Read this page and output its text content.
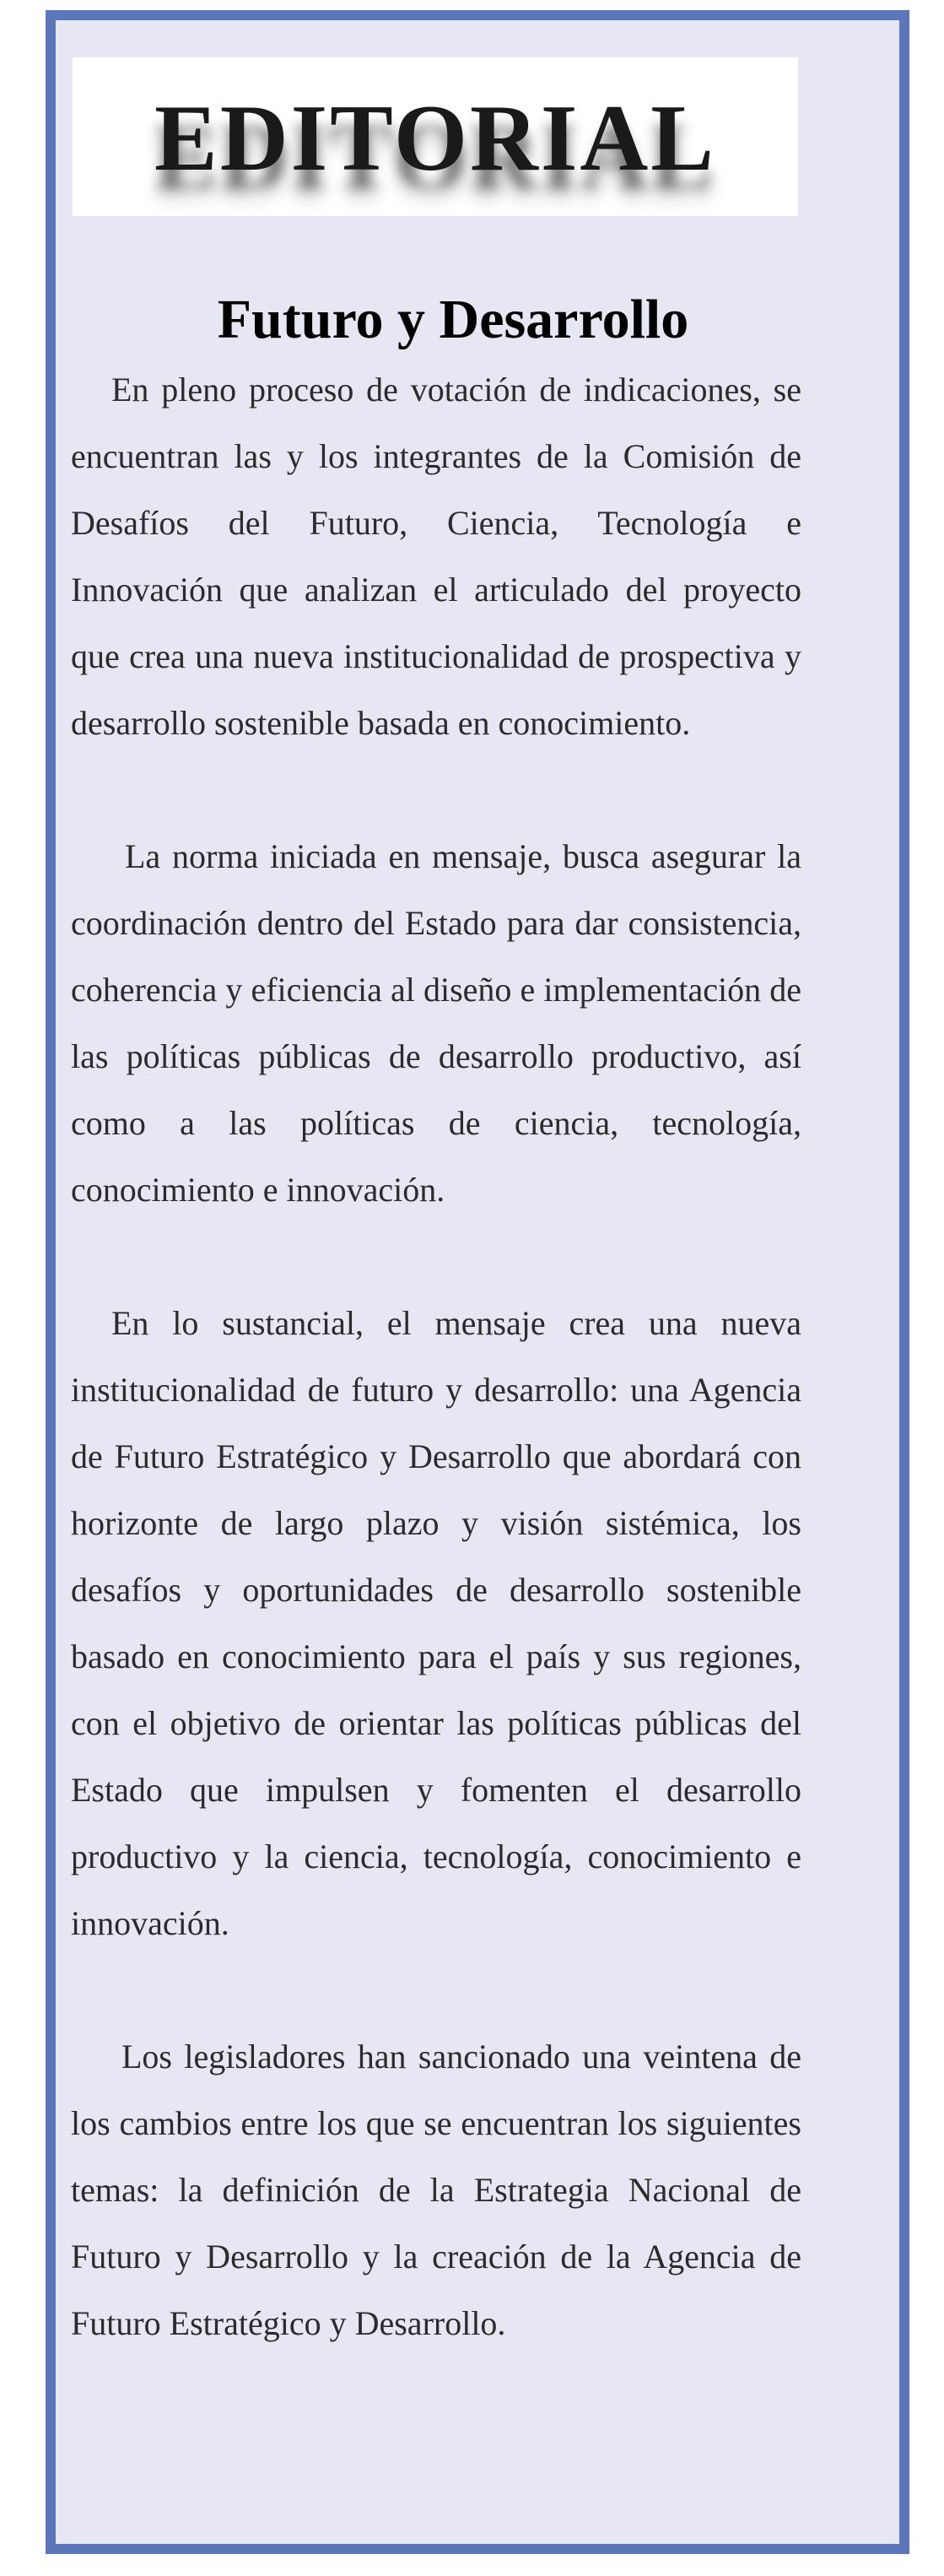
EDITORIAL
Futuro y Desarrollo

En pleno proceso de votación de indicaciones, se encuentran las y los integrantes de la Comisión de Desafíos del Futuro, Ciencia, Tecnología e Innovación que analizan el articulado del proyecto que crea una nueva institucionalidad de prospectiva y desarrollo sostenible basada en conocimiento.

La norma iniciada en mensaje, busca asegurar la coordinación dentro del Estado para dar consistencia, coherencia y eficiencia al diseño e implementación de las políticas públicas de desarrollo productivo, así como a las políticas de ciencia, tecnología, conocimiento e innovación.

En lo sustancial, el mensaje crea una nueva institucionalidad de futuro y desarrollo: una Agencia de Futuro Estratégico y Desarrollo que abordará con horizonte de largo plazo y visión sistémica, los desafíos y oportunidades de desarrollo sostenible basado en conocimiento para el país y sus regiones, con el objetivo de orientar las políticas públicas del Estado que impulsen y fomenten el desarrollo productivo y la ciencia, tecnología, conocimiento e innovación.

Los legisladores han sancionado una veintena de los cambios entre los que se encuentran los siguientes temas: la definición de la Estrategia Nacional de Futuro y Desarrollo y la creación de la Agencia de Futuro Estratégico y Desarrollo.
